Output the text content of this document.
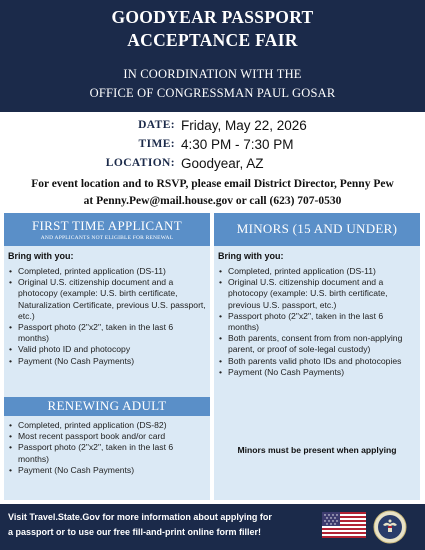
GOODYEAR PASSPORT
ACCEPTANCE FAIR
IN COORDINATION WITH THE
OFFICE OF CONGRESSMAN PAUL GOSAR
DATE: Friday, May 22, 2026
TIME: 4:30 PM - 7:30 PM
LOCATION: Goodyear, AZ
For event location and to RSVP, please email District Director, Penny Pew
at Penny.Pew@mail.house.gov or call (623) 707-0530
FIRST TIME APPLICANT
AND APPLICANTS NOT ELIGIBLE FOR RENEWAL
Bring with you:
• Completed, printed application (DS-11)
• Original U.S. citizenship document and a photocopy (example: U.S. birth certificate, Naturalization Certificate, previous U.S. passport, etc.)
• Passport photo (2"x2", taken in the last 6 months)
• Valid photo ID and photocopy
• Payment (No Cash Payments)
RENEWING ADULT
• Completed, printed application (DS-82)
• Most recent passport book and/or card
• Passport photo (2"x2", taken in the last 6 months)
• Payment (No Cash Payments)
MINORS (15 AND UNDER)
Bring with you:
• Completed, printed application (DS-11)
• Original U.S. citizenship document and a photocopy (example: U.S. birth certificate, previous U.S. passport, etc.)
• Passport photo (2"x2", taken in the last 6 months)
• Both parents, consent from from non-applying parent, or proof of sole-legal custody)
• Both parents valid photo IDs and photocopies
• Payment (No Cash Payments)
Minors must be present when applying
Visit Travel.State.Gov for more information about applying for
a passport or to use our free fill-and-print online form filler!
